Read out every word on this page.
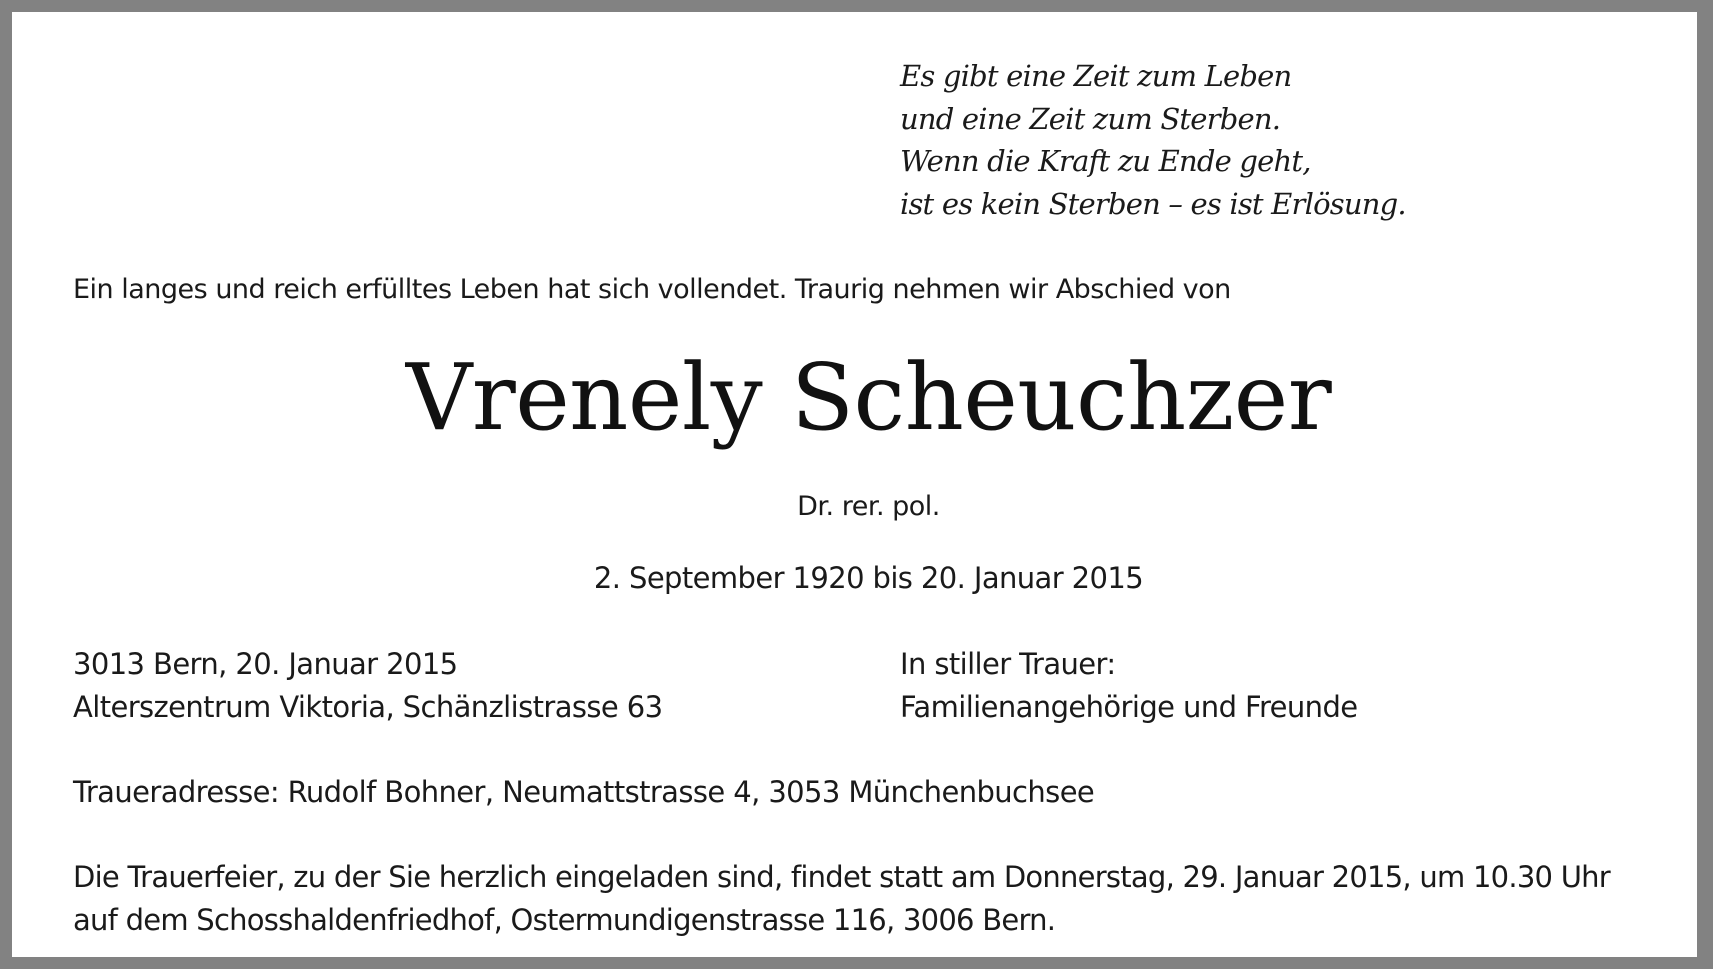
Es gibt eine Zeit zum Leben
und eine Zeit zum Sterben.
Wenn die Kraft zu Ende geht,
ist es kein Sterben – es ist Erlösung.
Ein langes und reich erfülltes Leben hat sich vollendet. Traurig nehmen wir Abschied von
Vrenely Scheuchzer
Dr. rer. pol.
2. September 1920 bis 20. Januar 2015
3013 Bern, 20. Januar 2015
Alterszentrum Viktoria, Schänzlistrasse 63
In stiller Trauer:
Familienangehörige und Freunde
Traueradresse: Rudolf Bohner, Neumattstrasse 4, 3053 Münchenbuchsee
Die Trauerfeier, zu der Sie herzlich eingeladen sind, findet statt am Donnerstag, 29. Januar 2015, um 10.30 Uhr
auf dem Schosshaldenfriedhof, Ostermundigenstrasse 116, 3006 Bern.
